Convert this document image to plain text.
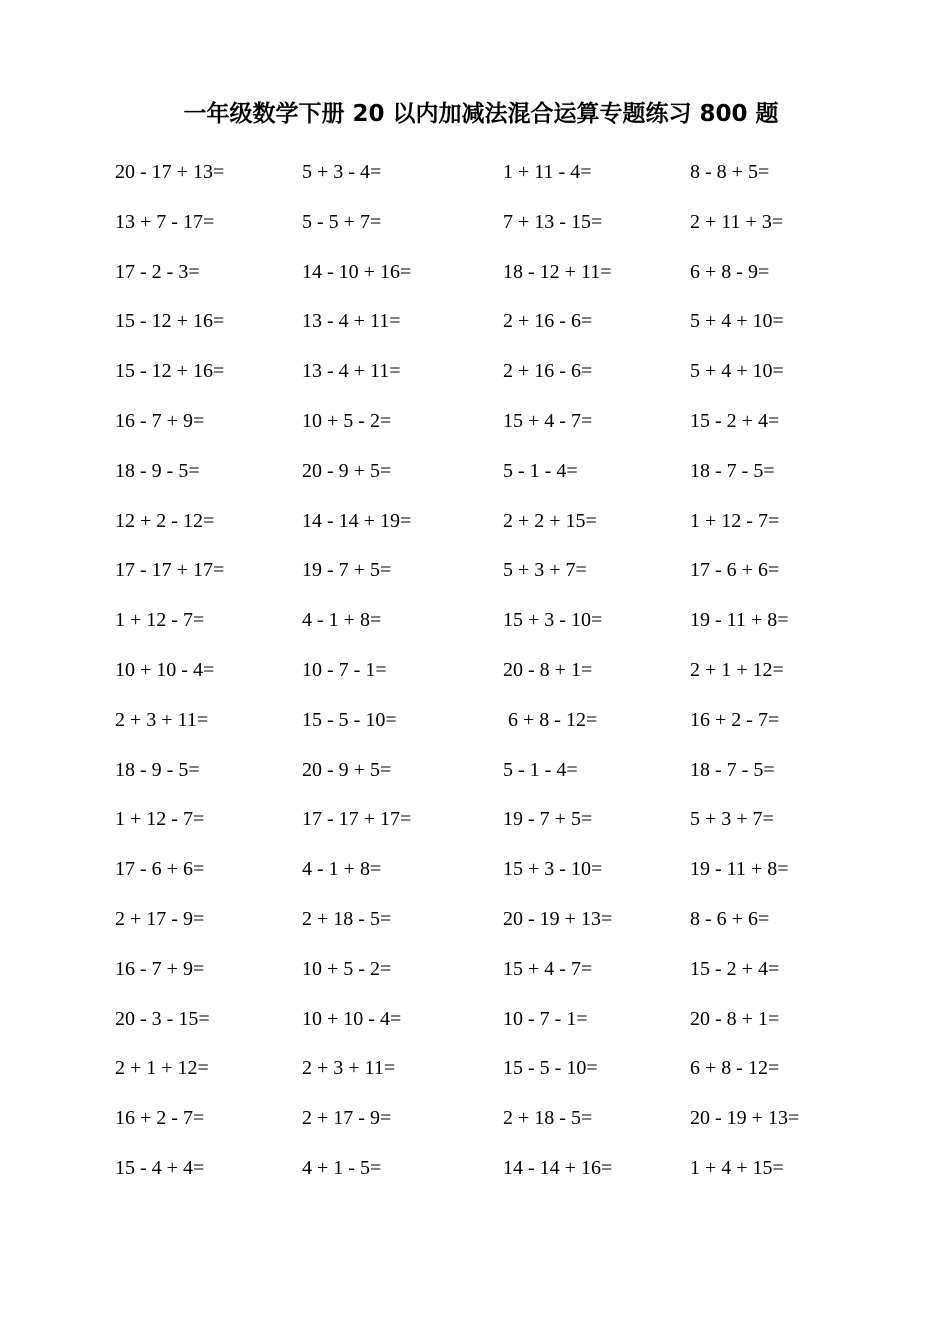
一年级数学下册 20 以内加减法混合运算专题练习 800 题
20 - 17 + 13=	5 + 3 - 4=	1 + 11 - 4=	8 - 8 + 5=
13 + 7 - 17=	5 - 5 + 7=	7 + 13 - 15=	2 + 11 + 3=
17 - 2 - 3=	14 - 10 + 16=	18 - 12 + 11=	6 + 8 - 9=
15 - 12 + 16=	13 - 4 + 11=	2 + 16 - 6=	5 + 4 + 10=
15 - 12 + 16=	13 - 4 + 11=	2 + 16 - 6=	5 + 4 + 10=
16 - 7 + 9=	10 + 5 - 2=	15 + 4 - 7=	15 - 2 + 4=
18 - 9 - 5=	20 - 9 + 5=	5 - 1 - 4=	18 - 7 - 5=
12 + 2 - 12=	14 - 14 + 19=	2 + 2 + 15=	1 + 12 - 7=
17 - 17 + 17=	19 - 7 + 5=	5 + 3 + 7=	17 - 6 + 6=
1 + 12 - 7=	4 - 1 + 8=	15 + 3 - 10=	19 - 11 + 8=
10 + 10 - 4=	10 - 7 - 1=	20 - 8 + 1=	2 + 1 + 12=
2 + 3 + 11=	15 - 5 - 10=	6 + 8 - 12=	16 + 2 - 7=
18 - 9 - 5=	20 - 9 + 5=	5 - 1 - 4=	18 - 7 - 5=
1 + 12 - 7=	17 - 17 + 17=	19 - 7 + 5=	5 + 3 + 7=
17 - 6 + 6=	4 - 1 + 8=	15 + 3 - 10=	19 - 11 + 8=
2 + 17 - 9=	2 + 18 - 5=	20 - 19 + 13=	8 - 6 + 6=
16 - 7 + 9=	10 + 5 - 2=	15 + 4 - 7=	15 - 2 + 4=
20 - 3 - 15=	10 + 10 - 4=	10 - 7 - 1=	20 - 8 + 1=
2 + 1 + 12=	2 + 3 + 11=	15 - 5 - 10=	6 + 8 - 12=
16 + 2 - 7=	2 + 17 - 9=	2 + 18 - 5=	20 - 19 + 13=
15 - 4 + 4=	4 + 1 - 5=	14 - 14 + 16=	1 + 4 + 15=
